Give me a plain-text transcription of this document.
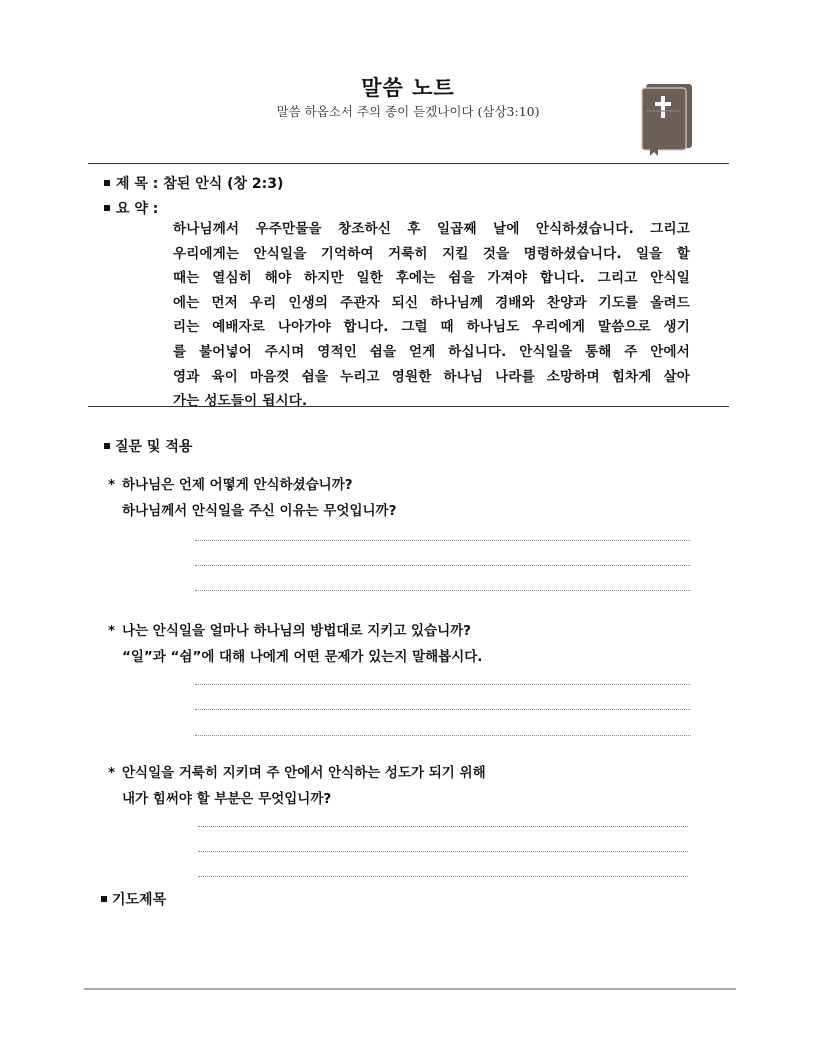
말씀 노트
말씀 하옵소서 주의 종이 듣겠나이다 (삼상3:10)
제 목 : 참된 안식 (창 2:3)
요 약 :
하나님께서 우주만물을 창조하신 후 일곱째 날에 안식하셨습니다. 그리고
우리에게는 안식일을 기억하여 거룩히 지킬 것을 명령하셨습니다. 일을 할
때는 열심히 해야 하지만 일한 후에는 쉼을 가져야 합니다. 그리고 안식일
에는 먼저 우리 인생의 주관자 되신 하나님께 경배와 찬양과 기도를 올려드
리는 예배자로 나아가야 합니다. 그럴 때 하나님도 우리에게 말씀으로 생기
를 불어넣어 주시며 영적인 쉼을 얻게 하십니다. 안식일을 통해 주 안에서
영과 육이 마음껏 쉼을 누리고 영원한 하나님 나라를 소망하며 힘차게 살아
가는 성도들이 됩시다.
질문 및 적용
* 하나님은 언제 어떻게 안식하셨습니까?
하나님께서 안식일을 주신 이유는 무엇입니까?
* 나는 안식일을 얼마나 하나님의 방법대로 지키고 있습니까?
“일”과 “쉼”에 대해 나에게 어떤 문제가 있는지 말해봅시다.
* 안식일을 거룩히 지키며 주 안에서 안식하는 성도가 되기 위해
내가 힘써야 할 부분은 무엇입니까?
기도제목
